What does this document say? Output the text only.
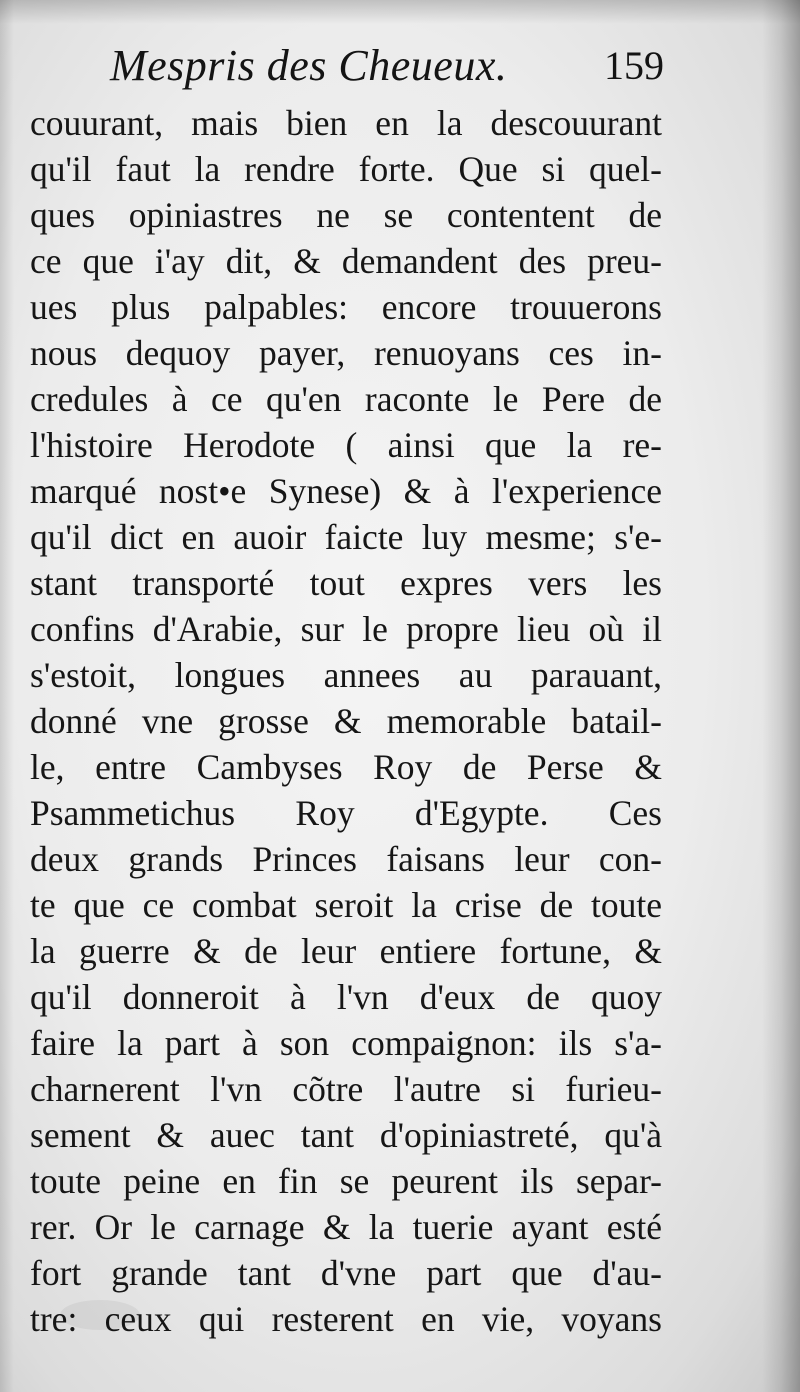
Mespris des Cheueux. 159
couurant, mais bien en la descouurant
qu'il faut la rendre forte. Que si quel-
ques opiniastres ne se contentent de
ce que i'ay dit, & demandent des preu-
ues plus palpables: encore trouuerons
nous dequoy payer, renuoyans ces in-
credules à ce qu'en raconte le Pere de
l'histoire Herodote ( ainsi que la re-
marqué nost•e Synese) & à l'experience
qu'il dict en auoir faicte luy mesme; s'e-
stant transporté tout expres vers les
confins d'Arabie, sur le propre lieu où il
s'estoit, longues annees au parauant,
donné vne grosse & memorable batail-
le, entre Cambyses Roy de Perse &
Psammetichus Roy d'Egypte. Ces
deux grands Princes faisans leur con-
te que ce combat seroit la crise de toute
la guerre & de leur entiere fortune, &
qu'il donneroit à l'vn d'eux de quoy
faire la part à son compaignon: ils s'a-
charnerent l'vn cõtre l'autre si furieu-
sement & auec tant d'opiniastreté, qu'à
toute peine en fin se peurent ils separ-
rer. Or le carnage & la tuerie ayant esté
fort grande tant d'vne part que d'au-
tre: ceux qui resterent en vie, voyans
